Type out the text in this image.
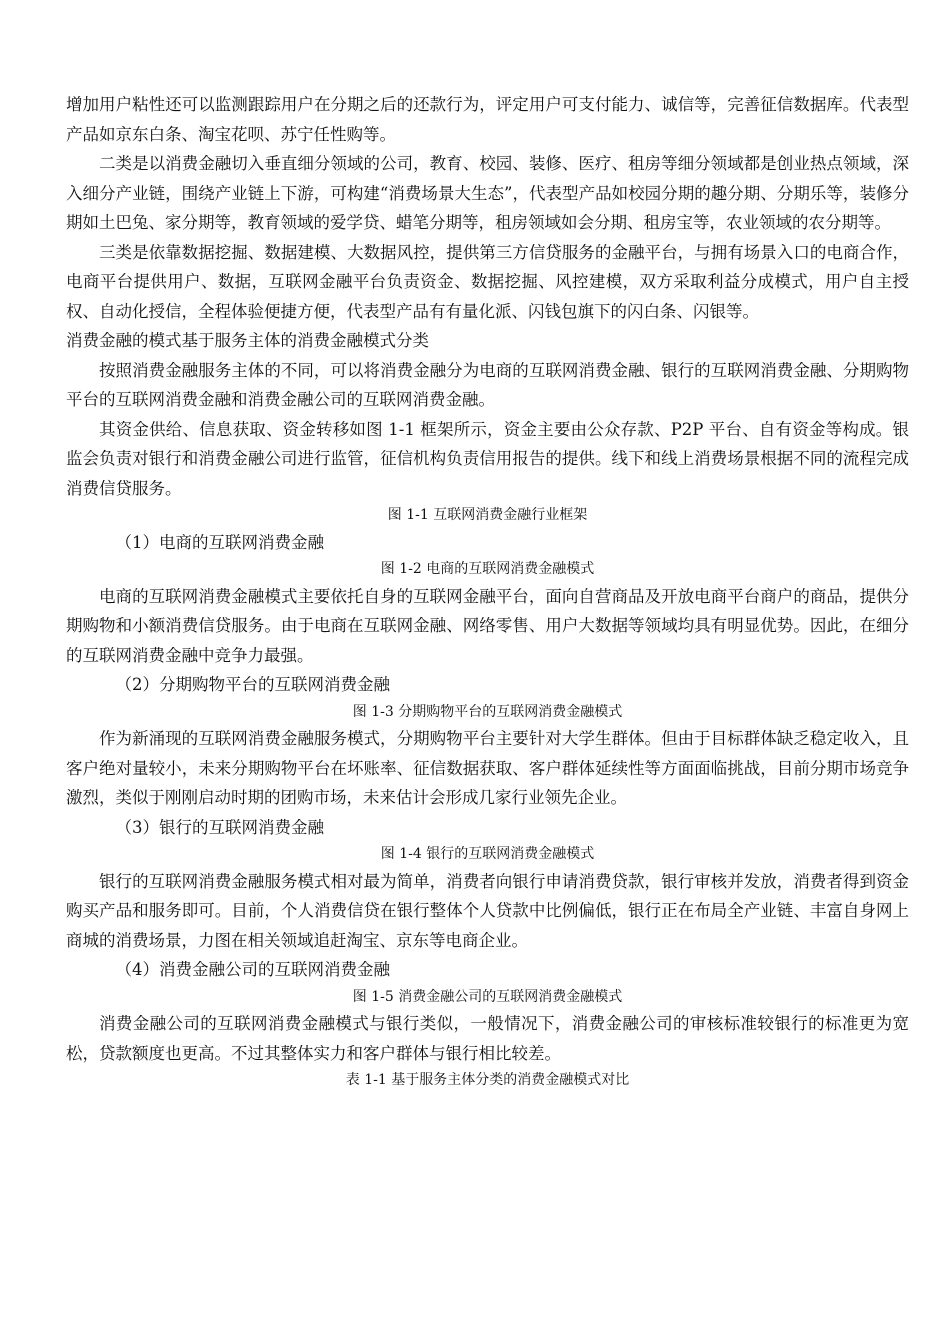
增加用户粘性还可以监测跟踪用户在分期之后的还款行为，评定用户可支付能力、诚信等，完善征信数据库。代表型产品如京东白条、淘宝花呗、苏宁任性购等。

二类是以消费金融切入垂直细分领域的公司，教育、校园、装修、医疗、租房等细分领域都是创业热点领域，深入细分产业链，围绕产业链上下游，可构建“消费场景大生态”，代表型产品如校园分期的趣分期、分期乐等，装修分期如土巴兔、家分期等，教育领域的爱学贷、蜡笔分期等，租房领域如会分期、租房宝等，农业领域的农分期等。

三类是依靠数据挖掘、数据建模、大数据风控，提供第三方信贷服务的金融平台，与拥有场景入口的电商合作，电商平台提供用户、数据，互联网金融平台负责资金、数据挖掘、风控建模，双方采取利益分成模式，用户自主授权、自动化授信，全程体验便捷方便，代表型产品有有量化派、闪钱包旗下的闪白条、闪银等。

消费金融的模式基于服务主体的消费金融模式分类

按照消费金融服务主体的不同，可以将消费金融分为电商的互联网消费金融、银行的互联网消费金融、分期购物平台的互联网消费金融和消费金融公司的互联网消费金融。

其资金供给、信息获取、资金转移如图 1-1 框架所示，资金主要由公众存款、P2P 平台、自有资金等构成。银监会负责对银行和消费金融公司进行监管，征信机构负责信用报告的提供。线下和线上消费场景根据不同的流程完成消费信贷服务。

图 1-1 互联网消费金融行业框架

（1）电商的互联网消费金融

图 1-2 电商的互联网消费金融模式

电商的互联网消费金融模式主要依托自身的互联网金融平台，面向自营商品及开放电商平台商户的商品，提供分期购物和小额消费信贷服务。由于电商在互联网金融、网络零售、用户大数据等领域均具有明显优势。因此，在细分的互联网消费金融中竞争力最强。

（2）分期购物平台的互联网消费金融

图 1-3 分期购物平台的互联网消费金融模式

作为新涌现的互联网消费金融服务模式，分期购物平台主要针对大学生群体。但由于目标群体缺乏稳定收入，且客户绝对量较小，未来分期购物平台在坏账率、征信数据获取、客户群体延续性等方面面临挑战，目前分期市场竞争激烈，类似于刚刚启动时期的团购市场，未来估计会形成几家行业领先企业。

（3）银行的互联网消费金融

图 1-4 银行的互联网消费金融模式

银行的互联网消费金融服务模式相对最为简单，消费者向银行申请消费贷款，银行审核并发放，消费者得到资金购买产品和服务即可。目前，个人消费信贷在银行整体个人贷款中比例偏低，银行正在布局全产业链、丰富自身网上商城的消费场景，力图在相关领域追赶淘宝、京东等电商企业。

（4）消费金融公司的互联网消费金融

图 1-5 消费金融公司的互联网消费金融模式

消费金融公司的互联网消费金融模式与银行类似，一般情况下，消费金融公司的审核标准较银行的标准更为宽松，贷款额度也更高。不过其整体实力和客户群体与银行相比较差。

表 1-1 基于服务主体分类的消费金融模式对比
